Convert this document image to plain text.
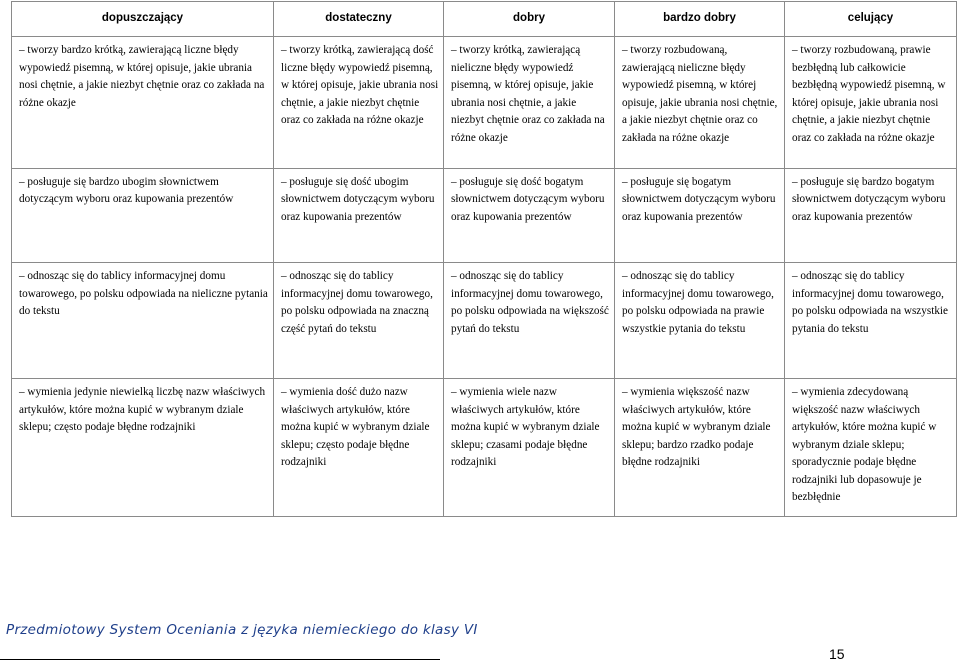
dopuszczający	dostateczny	dobry	bardzo dobry	celujący
– tworzy bardzo krótką, zawierającą liczne błędy wypowiedź pisemną, w której opisuje, jakie ubrania nosi chętnie, a jakie niezbyt chętnie oraz co zakłada na różne okazje	– tworzy krótką, zawierającą dość liczne błędy wypowiedź pisemną, w której opisuje, jakie ubrania nosi chętnie, a jakie niezbyt chętnie oraz co zakłada na różne okazje	– tworzy krótką, zawierającą nieliczne błędy wypowiedź pisemną, w której opisuje, jakie ubrania nosi chętnie, a jakie niezbyt chętnie oraz co zakłada na różne okazje	– tworzy rozbudowaną, zawierającą nieliczne błędy wypowiedź pisemną, w której opisuje, jakie ubrania nosi chętnie, a jakie niezbyt chętnie oraz co zakłada na różne okazje	– tworzy rozbudowaną, prawie bezbłędną lub całkowicie bezbłędną wypowiedź pisemną, w której opisuje, jakie ubrania nosi chętnie, a jakie niezbyt chętnie oraz co zakłada na różne okazje
– posługuje się bardzo ubogim słownictwem dotyczącym wyboru oraz kupowania prezentów	– posługuje się dość ubogim słownictwem dotyczącym wyboru oraz kupowania prezentów	– posługuje się dość bogatym słownictwem dotyczącym wyboru oraz kupowania prezentów	– posługuje się bogatym słownictwem dotyczącym wyboru oraz kupowania prezentów	– posługuje się bardzo bogatym słownictwem dotyczącym wyboru oraz kupowania prezentów
– odnosząc się do tablicy informacyjnej domu towarowego, po polsku odpowiada na nieliczne pytania do tekstu	– odnosząc się do tablicy informacyjnej domu towarowego, po polsku odpowiada na znaczną część pytań do tekstu	– odnosząc się do tablicy informacyjnej domu towarowego, po polsku odpowiada na większość pytań do tekstu	– odnosząc się do tablicy informacyjnej domu towarowego, po polsku odpowiada na prawie wszystkie pytania do tekstu	– odnosząc się do tablicy informacyjnej domu towarowego, po polsku odpowiada na wszystkie pytania do tekstu
– wymienia jedynie niewielką liczbę nazw właściwych artykułów, które można kupić w wybranym dziale sklepu; często podaje błędne rodzajniki	– wymienia dość dużo nazw właściwych artykułów, które można kupić w wybranym dziale sklepu; często podaje błędne rodzajniki	– wymienia wiele nazw właściwych artykułów, które można kupić w wybranym dziale sklepu; czasami podaje błędne rodzajniki	– wymienia większość nazw właściwych artykułów, które można kupić w wybranym dziale sklepu; bardzo rzadko podaje błędne rodzajniki	– wymienia zdecydowaną większość nazw właściwych artykułów, które można kupić w wybranym dziale sklepu; sporadycznie podaje błędne rodzajniki lub dopasowuje je bezbłędnie
Przedmiotowy System Oceniania z języka niemieckiego do klasy VI
15
